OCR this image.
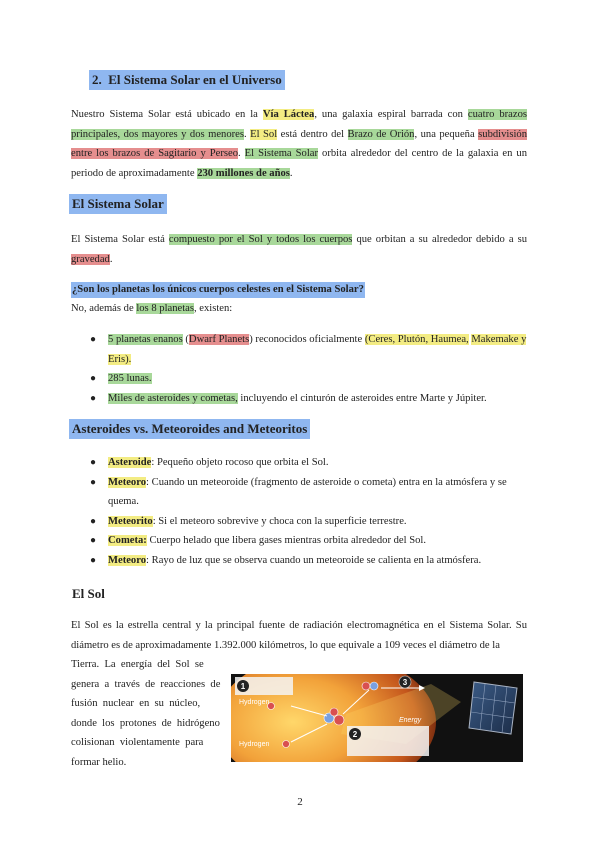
2. El Sistema Solar en el Universo

Nuestro Sistema Solar está ubicado en la Vía Láctea, una galaxia espiral barrada con cuatro brazos principales, dos mayores y dos menores. El Sol está dentro del Brazo de Orión, una pequeña subdivisión entre los brazos de Sagitario y Perseo. El Sistema Solar orbita alrededor del centro de la galaxia en un periodo de aproximadamente 230 millones de años.

El Sistema Solar

El Sistema Solar está compuesto por el Sol y todos los cuerpos que orbitan a su alrededor debido a su gravedad.

¿Son los planetas los únicos cuerpos celestes en el Sistema Solar?

No, además de los 8 planetas, existen:

● 5 planetas enanos (Dwarf Planets) reconocidos oficialmente (Ceres, Plutón, Haumea, Makemake y Eris).
● 285 lunas.
● Miles de asteroides y cometas, incluyendo el cinturón de asteroides entre Marte y Júpiter.
Asteroides vs. Meteoroides and Meteoritos
● Asteroide: Pequeño objeto rocoso que orbita el Sol.
● Meteoro: Cuando un meteoroide (fragmento de asteroide o cometa) entra en la atmósfera y se quema.
● Meteorito: Si el meteoro sobrevive y choca con la superficie terrestre.
● Cometa: Cuerpo helado que libera gases mientras orbita alrededor del Sol.
● Meteoro: Rayo de luz que se observa cuando un meteoroide se calienta en la atmósfera.
El Sol

El Sol es la estrella central y la principal fuente de radiación electromagnética en el Sistema Solar. Su diámetro es de aproximadamente 1.392.000 kilómetros, lo que equivale a 109 veces el diámetro de la

Tierra.  La  energía  del  Sol  se
genera  a  través  de  reacciones  de
fusión  nuclear  en  su  núcleo,
donde  los  protones  de  hidrógeno
colisionan  violentamente  para
formar helio.
1
Hydrogen
Hydrogen
2
Energy
3
2
